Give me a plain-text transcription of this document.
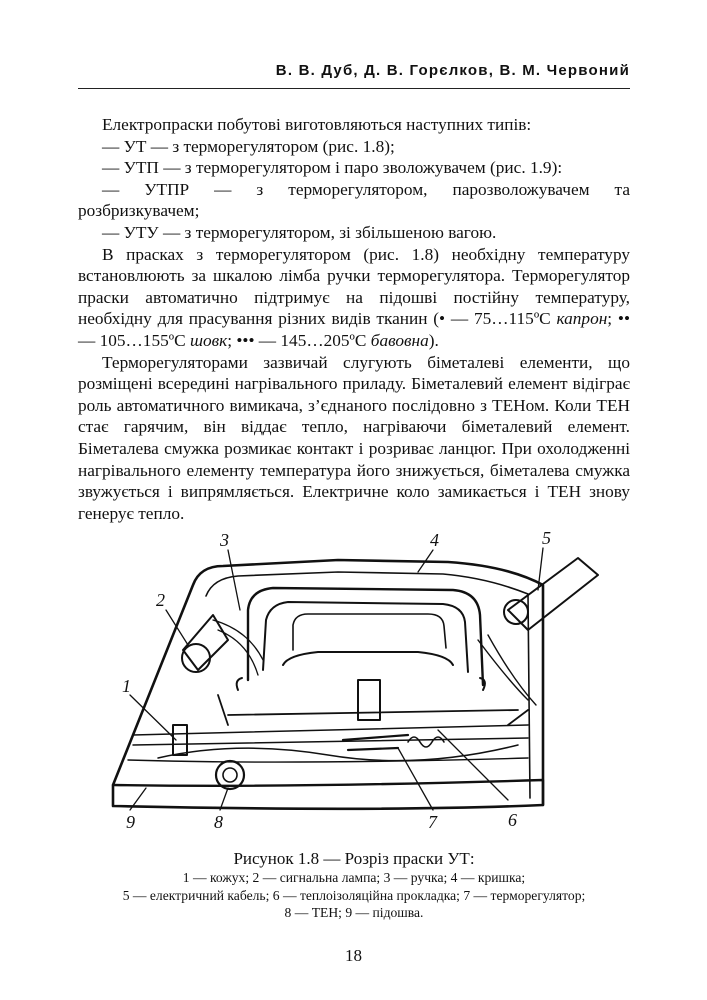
В. В. Дуб, Д. В. Горєлков, В. М. Червоний

Електропраски побутові виготовляються наступних типів:

— УТ — з терморегулятором (рис. 1.8);

— УТП — з терморегулятором і паро зволожувачем (рис. 1.9):

— УТПР — з терморегулятором, парозволожувачем та розбризкувачем;

— УТУ — з терморегулятором, зі збільшеною вагою.

В прасках з терморегулятором (рис. 1.8) необхідну температуру встановлюють за шкалою лімба ручки терморегулятора. Терморегулятор праски автоматично підтримує на підошві постійну температуру, необхідну для прасування різних видів тканин (• — 75…115ºС капрон; •• — 105…155ºС шовк; ••• — 145…205ºС бавовна).

Терморегуляторами зазвичай слугують біметалеві елементи, що розміщені всередині нагрівального приладу. Біметалевий елемент відіграє роль автоматичного вимикача, з’єднаного послідовно з ТЕНом. Коли ТЕН стає гарячим, він віддає тепло, нагріваючи біметалевий елемент. Біметалева смужка розмикає контакт і розриває ланцюг. При охолодженні нагрівального елементу температура його знижується, біметалева смужка звужується і випрямляється. Електричне коло замикається і ТЕН знову генерує тепло.

1
2
3	4	5
6
7
8
9
Рисунок 1.8 — Розріз праски УТ:
1 — кожух; 2 — сигнальна лампа; 3 — ручка; 4 — кришка;
5 — електричний кабель; 6 — теплоізоляційна прокладка; 7 — терморегулятор;
8 — ТЕН; 9 — підошва.
18
